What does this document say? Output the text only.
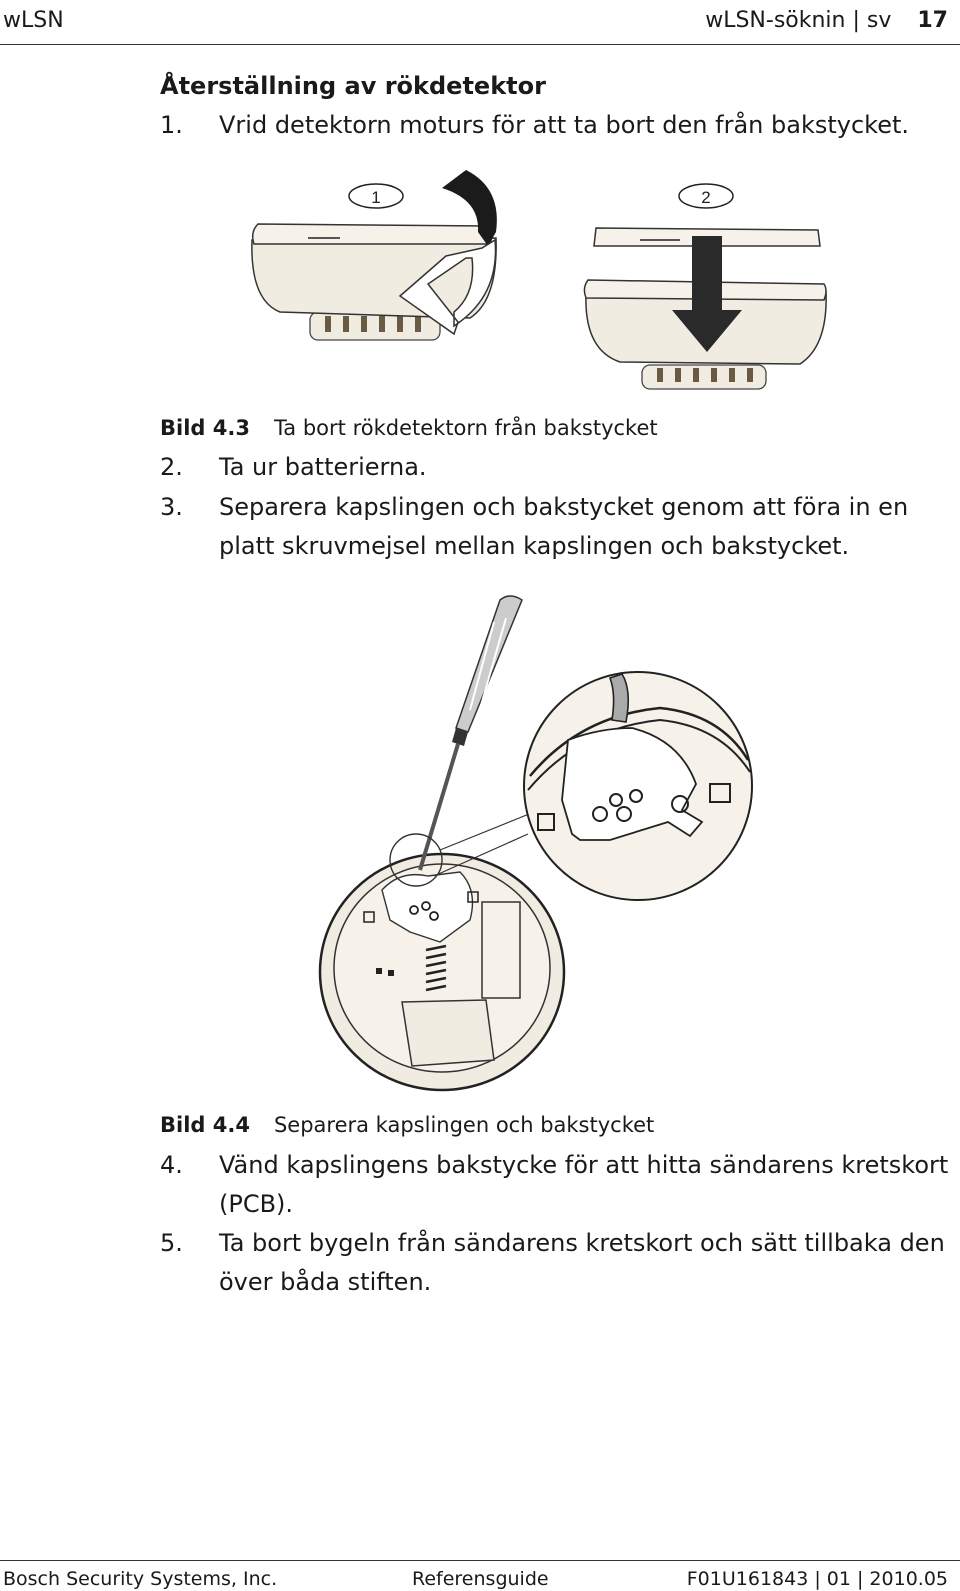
wLSN	wLSN-söknin | sv 17
Återställning av rökdetektor
1. Vrid detektorn moturs för att ta bort den från bakstycket.
1	2
Bild 4.3 Ta bort rökdetektorn från bakstycket
2. Ta ur batterierna.
3. Separera kapslingen och bakstycket genom att föra in en platt skruvmejsel mellan kapslingen och bakstycket.
Bild 4.4 Separera kapslingen och bakstycket
4. Vänd kapslingens bakstycke för att hitta sändarens kretskort (PCB).
5. Ta bort bygeln från sändarens kretskort och sätt tillbaka den över båda stiften.
Bosch Security Systems, Inc.	Referensguide	F01U161843 | 01 | 2010.05
